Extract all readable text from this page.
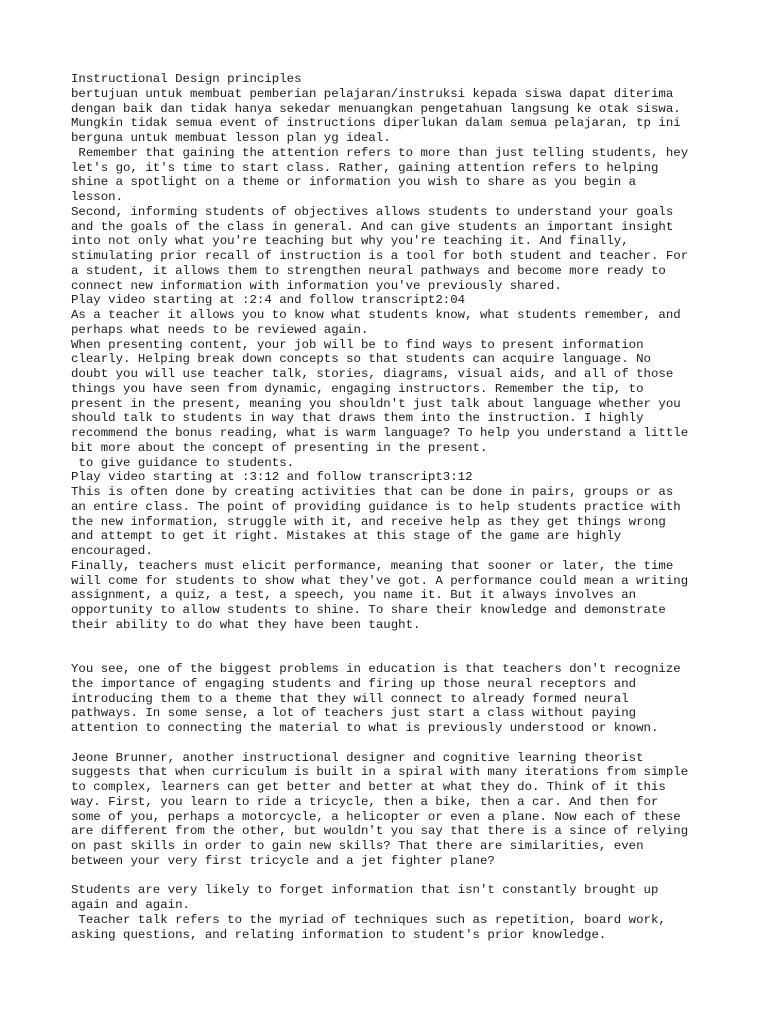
Instructional Design principles
bertujuan untuk membuat pemberian pelajaran/instruksi kepada siswa dapat diterima
dengan baik dan tidak hanya sekedar menuangkan pengetahuan langsung ke otak siswa.
Mungkin tidak semua event of instructions diperlukan dalam semua pelajaran, tp ini
berguna untuk membuat lesson plan yg ideal.
Remember that gaining the attention refers to more than just telling students, hey
let's go, it's time to start class. Rather, gaining attention refers to helping
shine a spotlight on a theme or information you wish to share as you begin a
lesson.
Second, informing students of objectives allows students to understand your goals
and the goals of the class in general. And can give students an important insight
into not only what you're teaching but why you're teaching it. And finally,
stimulating prior recall of instruction is a tool for both student and teacher. For
a student, it allows them to strengthen neural pathways and become more ready to
connect new information with information you've previously shared.
Play video starting at :2:4 and follow transcript2:04
As a teacher it allows you to know what students know, what students remember, and
perhaps what needs to be reviewed again.
When presenting content, your job will be to find ways to present information
clearly. Helping break down concepts so that students can acquire language. No
doubt you will use teacher talk, stories, diagrams, visual aids, and all of those
things you have seen from dynamic, engaging instructors. Remember the tip, to
present in the present, meaning you shouldn't just talk about language whether you
should talk to students in way that draws them into the instruction. I highly
recommend the bonus reading, what is warm language? To help you understand a little
bit more about the concept of presenting in the present.
to give guidance to students.
Play video starting at :3:12 and follow transcript3:12
This is often done by creating activities that can be done in pairs, groups or as
an entire class. The point of providing guidance is to help students practice with
the new information, struggle with it, and receive help as they get things wrong
and attempt to get it right. Mistakes at this stage of the game are highly
encouraged.
Finally, teachers must elicit performance, meaning that sooner or later, the time
will come for students to show what they've got. A performance could mean a writing
assignment, a quiz, a test, a speech, you name it. But it always involves an
opportunity to allow students to shine. To share their knowledge and demonstrate
their ability to do what they have been taught.
You see, one of the biggest problems in education is that teachers don't recognize
the importance of engaging students and firing up those neural receptors and
introducing them to a theme that they will connect to already formed neural
pathways. In some sense, a lot of teachers just start a class without paying
attention to connecting the material to what is previously understood or known.
Jeone Brunner, another instructional designer and cognitive learning theorist
suggests that when curriculum is built in a spiral with many iterations from simple
to complex, learners can get better and better at what they do. Think of it this
way. First, you learn to ride a tricycle, then a bike, then a car. And then for
some of you, perhaps a motorcycle, a helicopter or even a plane. Now each of these
are different from the other, but wouldn't you say that there is a since of relying
on past skills in order to gain new skills? That there are similarities, even
between your very first tricycle and a jet fighter plane?
Students are very likely to forget information that isn't constantly brought up
again and again.
Teacher talk refers to the myriad of techniques such as repetition, board work,
asking questions, and relating information to student's prior knowledge.
